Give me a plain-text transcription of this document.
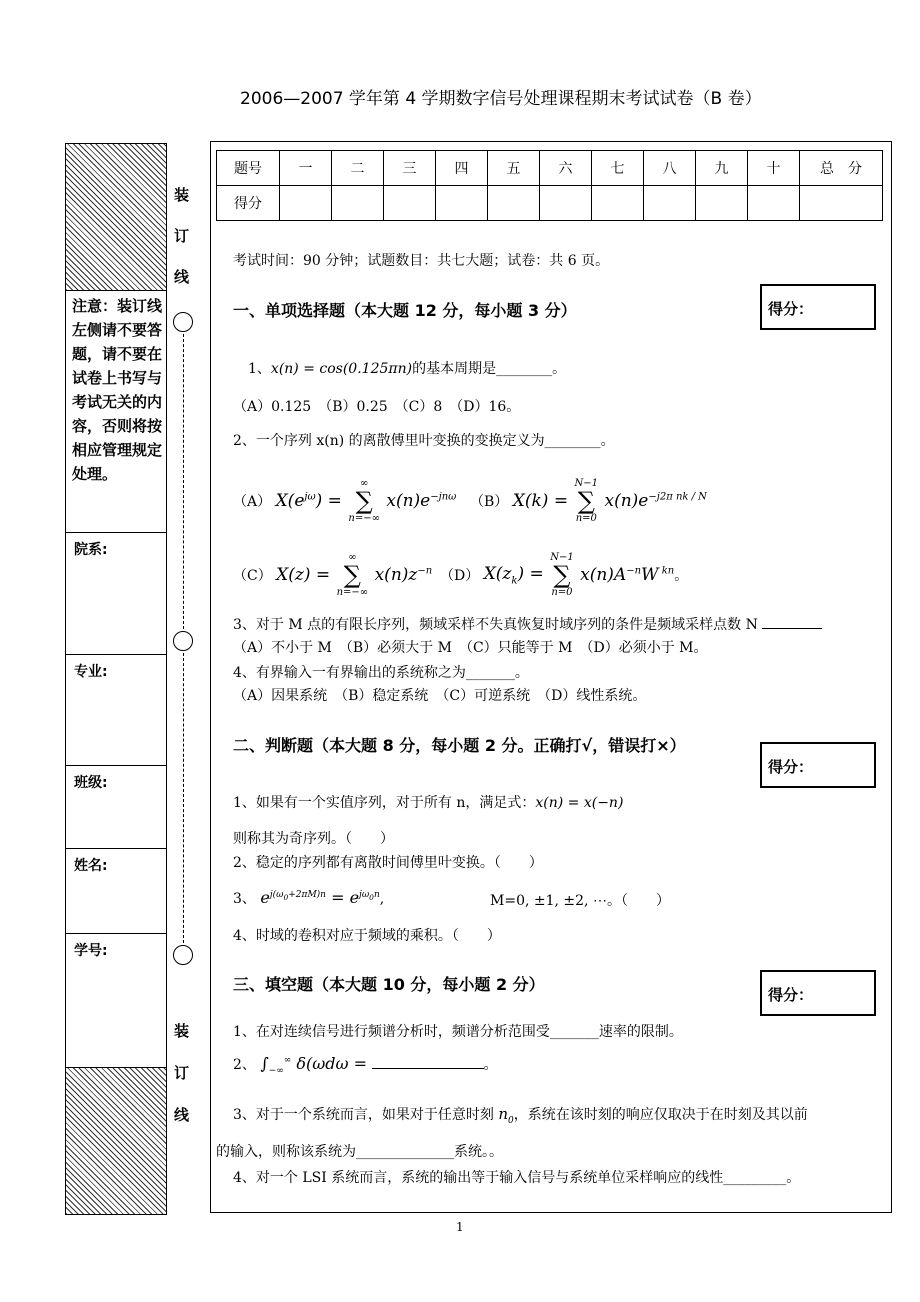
2006—2007 学年第 4 学期数字信号处理课程期末考试试卷（B 卷）
注意：装订线左侧请不要答题，请不要在试卷上书写与考试无关的内容，否则将按相应管理规定处理。
院系:
专业:
班级:
姓名:
学号:
装
订
线
装
订
线
题号	一	二	三	四	五	六	七	八	九	十	总　分
得分											
考试时间：90 分钟；试题数目：共七大题；试卷：共 6 页。
一、单项选择题（本大题 12 分，每小题 3 分）	得分：
1、x(n) = cos(0.125πn)的基本周期是________。
（A）0.125　（B）0.25　（C）8　（D）16。
2、一个序列 x(n) 的离散傅里叶变换的变换定义为________。
（A） $X(e^{j\omega})$ =
∞
∑
n=−∞
$x(n)e^{-jn\omega}$ （B） X(k) =
N−1
∑
n=0
$x(n)e^{-j2\pi nk / N}$
（C） X(z) =
∞
∑
n=−∞
$x(n)z^{-n}$ （D） $X(z_k)$ =
N−1
∑
n=0
$x(n)A^{-n}W$ $^{kn}$。
3、对于 M 点的有限长序列，频域采样不失真恢复时域序列的条件是频域采样点数 N
（A）不小于 M　（B）必须大于 M　（C）只能等于 M　（D）必须小于 M。
4、有界输入一有界输出的系统称之为_______。
（A）因果系统　（B）稳定系统　（C）可逆系统　（D）线性系统。
二、判断题（本大题 8 分，每小题 2 分。正确打√，错误打×）
得分：
1、如果有一个实值序列，对于所有 n，满足式：x(n) = x(−n)
则称其为奇序列。（　　）
2、稳定的序列都有离散时间傅里叶变换。（　　）
3、 $e^{j(\omega_0+2\pi M)n} = e^{j\omega_0n}$,	M=0, ±1, ±2, ⋯。（　　）
4、时域的卷积对应于频域的乘积。（　　）
三、填空题（本大题 10 分，每小题 2 分）
得分：
1、在对连续信号进行频谱分析时，频谱分析范围受_______速率的限制。
2、 $\int_{-\infty}^\infty$ δ(ωdω =	。
3、对于一个系统而言，如果对于任意时刻 $n_0$，系统在该时刻的响应仅取决于在时刻及其以前
的输入，则称该系统为______________系统。。
4、对一个 LSI 系统而言，系统的输出等于输入信号与系统单位采样响应的线性_________。
1
